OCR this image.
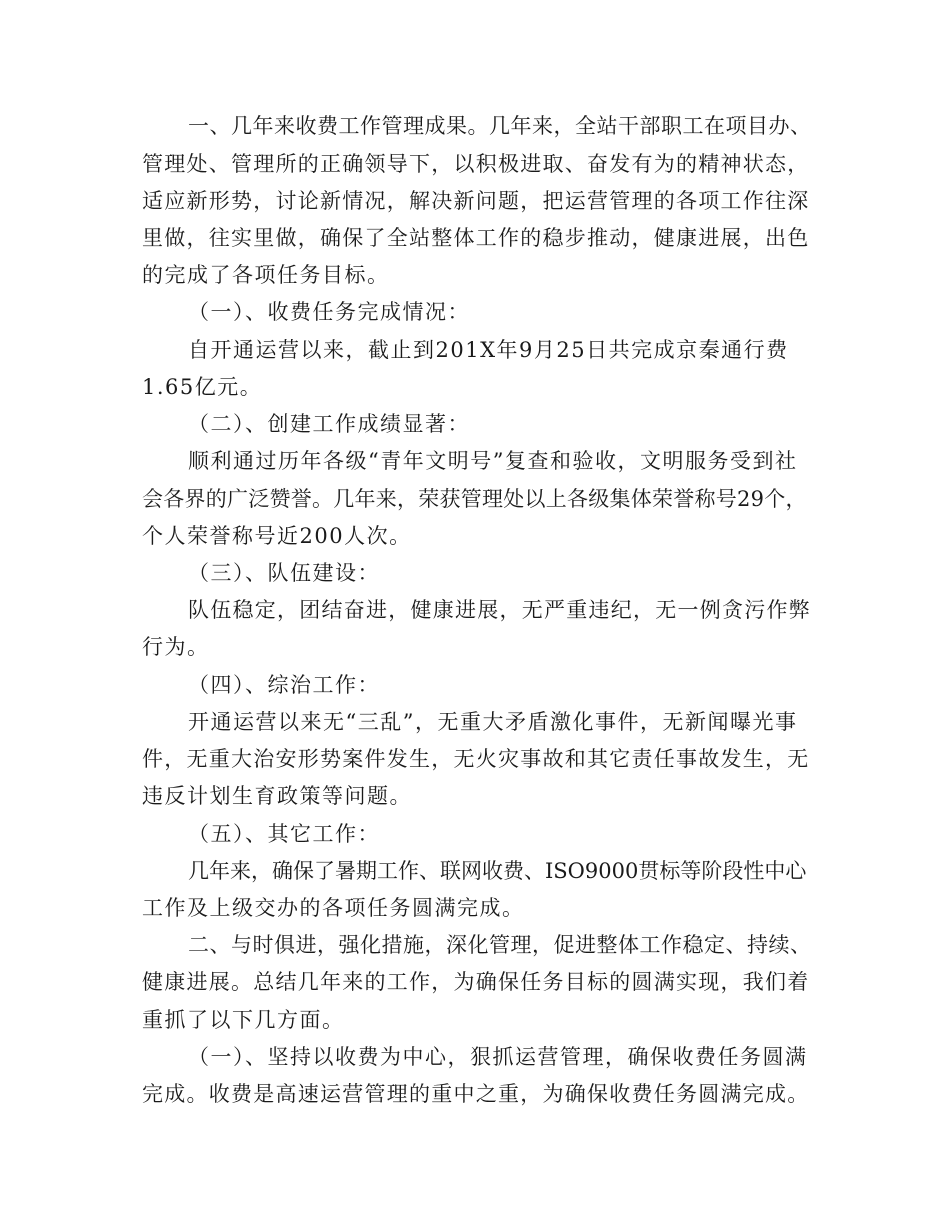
一、几年来收费工作管理成果。几年来，全站干部职工在项目办、
管理处、管理所的正确领导下，以积极进取、奋发有为的精神状态，
适应新形势，讨论新情况，解决新问题，把运营管理的各项工作往深
里做，往实里做，确保了全站整体工作的稳步推动，健康进展，出色
的完成了各项任务目标。
（一）、收费任务完成情况：
自开通运营以来，截止到201X年9月25日共完成京秦通行费
1.65亿元。
（二）、创建工作成绩显著：
顺利通过历年各级“青年文明号”复查和验收，文明服务受到社
会各界的广泛赞誉。几年来，荣获管理处以上各级集体荣誉称号29个，
个人荣誉称号近200人次。
（三）、队伍建设：
队伍稳定，团结奋进，健康进展，无严重违纪，无一例贪污作弊
行为。
（四）、综治工作：
开通运营以来无“三乱”，无重大矛盾激化事件，无新闻曝光事
件，无重大治安形势案件发生，无火灾事故和其它责任事故发生，无
违反计划生育政策等问题。
（五）、其它工作：
几年来，确保了暑期工作、联网收费、ISO9000贯标等阶段性中心
工作及上级交办的各项任务圆满完成。
二、与时俱进，强化措施，深化管理，促进整体工作稳定、持续、
健康进展。总结几年来的工作，为确保任务目标的圆满实现，我们着
重抓了以下几方面。
（一）、坚持以收费为中心，狠抓运营管理，确保收费任务圆满
完成。收费是高速运营管理的重中之重，为确保收费任务圆满完成。
